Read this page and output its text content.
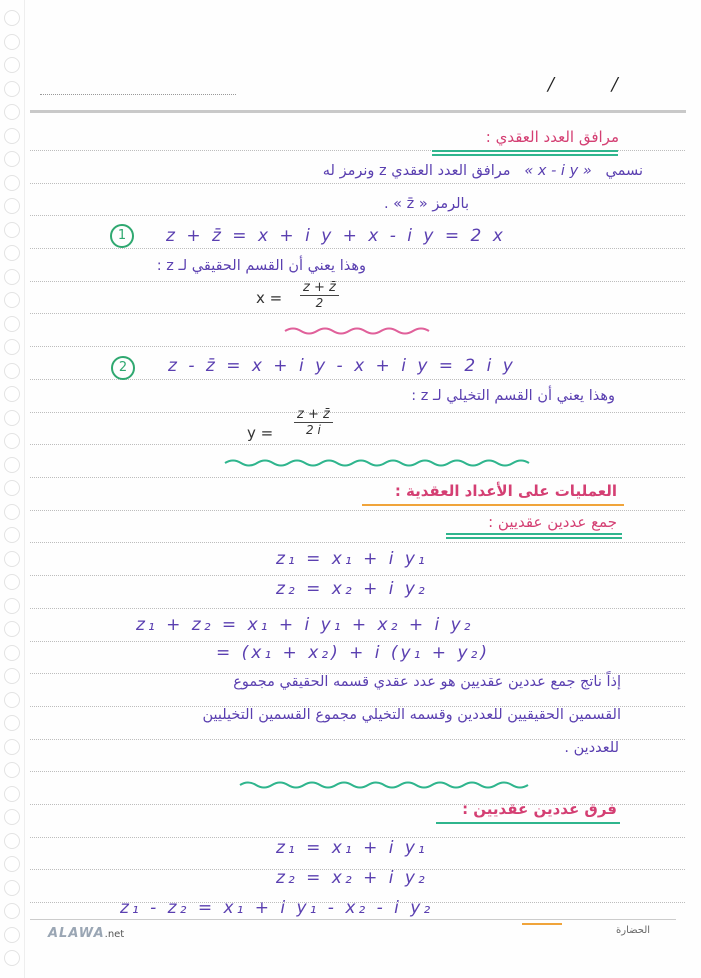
/ /
مرافق العدد العقدي :
نسمي   « x - i y »   مرافق العدد العقدي z ونرمز له
بالرمز « z̄ » .
1	z + z̄ = x + i y + x - i y = 2 x
وهذا يعني أن القسم الحقيقي لـ z :
$x = \frac{z + z̄}{2}$
2	z - z̄ = x + i y - x + i y = 2 i y
وهذا يعني أن القسم التخيلي لـ z :
$y = \frac{z + z̄}{2 i}$
العمليات على الأعداد العقدية :
جمع عددين عقديين :
z₁ = x₁ + i y₁
z₂ = x₂ + i y₂
z₁ + z₂ = x₁ + i y₁ + x₂ + i y₂
= (x₁ + x₂) + i (y₁ + y₂)
إذاً ناتج جمع عددين عقديين هو عدد عقدي قسمه الحقيقي مجموع
القسمين الحقيقيين للعددين وقسمه التخيلي مجموع القسمين التخيليين
للعددين .
فرق عددين عقديين :
z₁ = x₁ + i y₁
z₂ = x₂ + i y₂
z₁ - z₂ = x₁ + i y₁ - x₂ - i y₂
ALAWA.net	الحضارة
